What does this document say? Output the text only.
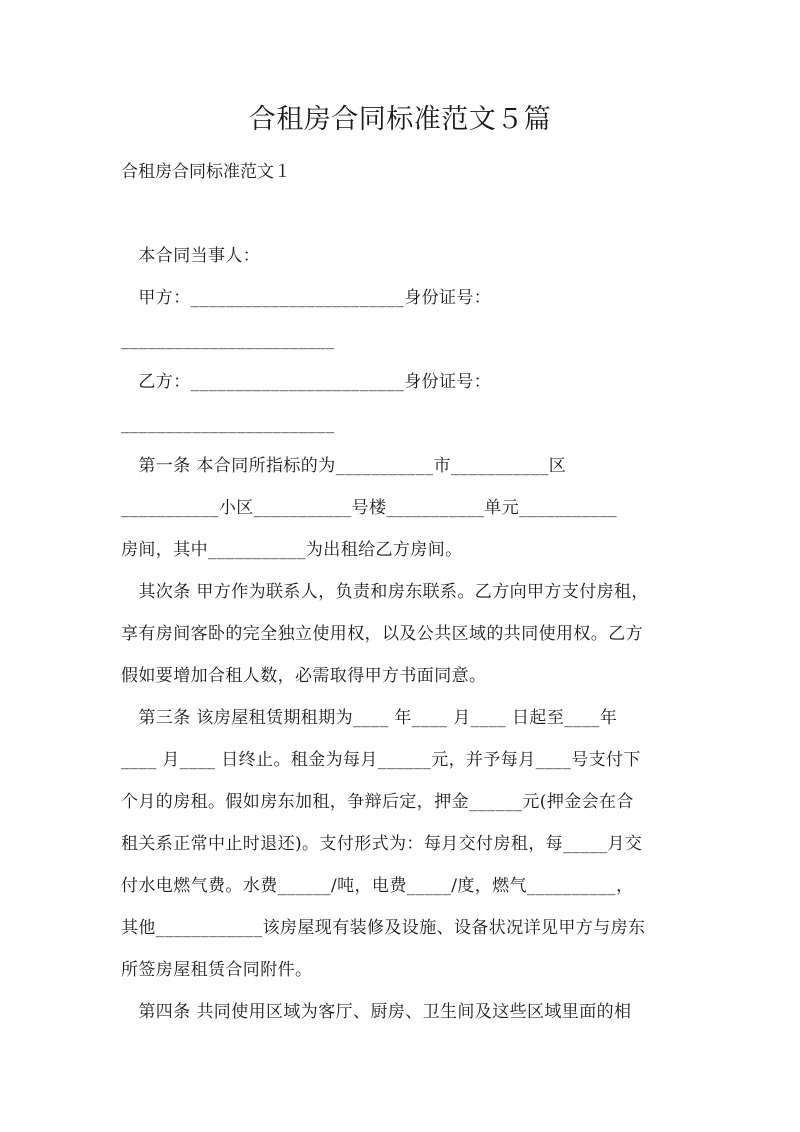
合租房合同标准范文５篇
合租房合同标准范文１
　本合同当事人：
　甲方：________________________身份证号：
________________________
　乙方：________________________身份证号：
________________________
　第一条 本合同所指标的为___________市___________区
___________小区___________号楼___________单元___________
房间，其中___________为出租给乙方房间。
　其次条 甲方作为联系人，负责和房东联系。乙方向甲方支付房租，
享有房间客卧的完全独立使用权，以及公共区域的共同使用权。乙方
假如要增加合租人数，必需取得甲方书面同意。
　第三条 该房屋租赁期租期为____ 年____ 月____ 日起至____年
____ 月____ 日终止。租金为每月______元，并予每月____号支付下
个月的房租。假如房东加租，争辩后定，押金______元(押金会在合
租关系正常中止时退还)。支付形式为：每月交付房租，每_____月交
付水电燃气费。水费______/吨，电费_____/度，燃气__________，
其他____________该房屋现有装修及设施、设备状况详见甲方与房东
所签房屋租赁合同附件。
　第四条 共同使用区域为客厅、厨房、卫生间及这些区域里面的相
